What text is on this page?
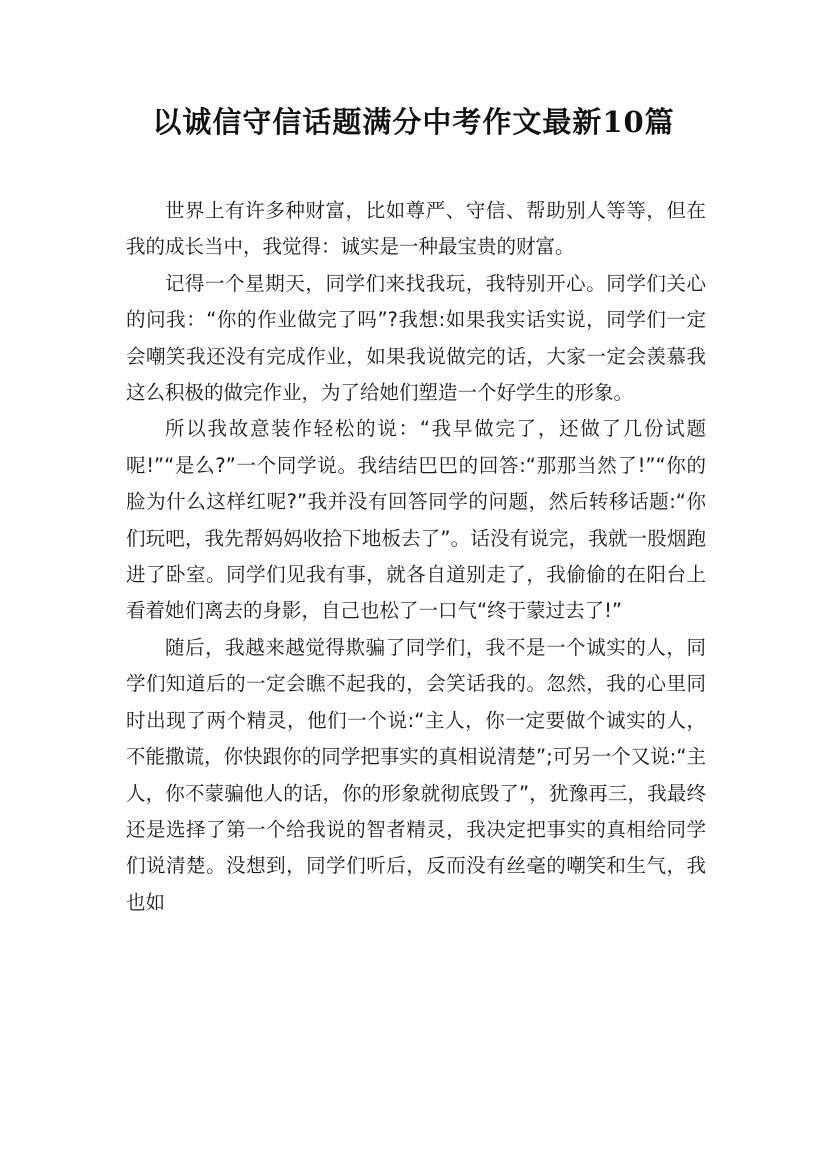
以诚信守信话题满分中考作文最新10篇

世界上有许多种财富，比如尊严、守信、帮助别人等等，但在我的成长当中，我觉得：诚实是一种最宝贵的财富。

记得一个星期天，同学们来找我玩，我特别开心。同学们关心的问我：“你的作业做完了吗”?我想:如果我实话实说，同学们一定会嘲笑我还没有完成作业，如果我说做完的话，大家一定会羡慕我这么积极的做完作业，为了给她们塑造一个好学生的形象。

所以我故意装作轻松的说：“我早做完了，还做了几份试题呢!”“是么?”一个同学说。我结结巴巴的回答:“那那当然了!”“你的脸为什么这样红呢?”我并没有回答同学的问题，然后转移话题:“你们玩吧，我先帮妈妈收拾下地板去了”。话没有说完，我就一股烟跑进了卧室。同学们见我有事，就各自道别走了，我偷偷的在阳台上看着她们离去的身影，自己也松了一口气“终于蒙过去了!”

随后，我越来越觉得欺骗了同学们，我不是一个诚实的人，同学们知道后的一定会瞧不起我的，会笑话我的。忽然，我的心里同时出现了两个精灵，他们一个说:“主人，你一定要做个诚实的人，不能撒谎，你快跟你的同学把事实的真相说清楚”;可另一个又说:“主人，你不蒙骗他人的话，你的形象就彻底毁了”，犹豫再三，我最终还是选择了第一个给我说的智者精灵，我决定把事实的真相给同学们说清楚。没想到，同学们听后，反而没有丝毫的嘲笑和生气，我也如
